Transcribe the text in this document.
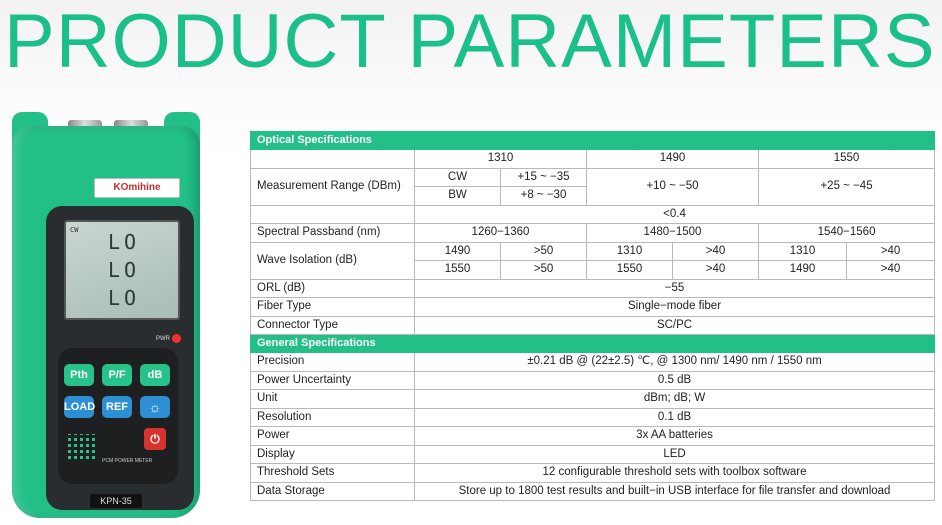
PRODUCT PARAMETERS
KOmihine
CW LO
LO
LO
PWR
Pth	P/F	dB
LOAD REF	☼
⏻
PCM POWER METER
KPN-35
Optical Specifications						
	1310		1490		1550	
Measurement Range (DBm)	CW	+15 ~ −35	+10 ~ −50		+25 ~ −45	
	BW	+8 ~ −30				
	<0.4					
Spectral Passband (nm)	1260−1360		1480−1500		1540−1560	
Wave Isolation (dB)	1490	>50	1310	>40	1310	>40
	1550	>50	1550	>40	1490	>40
ORL (dB)	−55					
Fiber Type	Single−mode fiber					
Connector Type	SC/PC					
General Specifications						
Precision	±0.21 dB @ (22±2.5) ℃, @ 1300 nm/ 1490 nm / 1550 nm					
Power Uncertainty	0.5 dB					
Unit	dBm; dB; W					
Resolution	0.1 dB					
Power	3x AA batteries					
Display	LED					
Threshold Sets	12 configurable threshold sets with toolbox software					
Data Storage	Store up to 1800 test results and built−in USB interface for file transfer and download					
